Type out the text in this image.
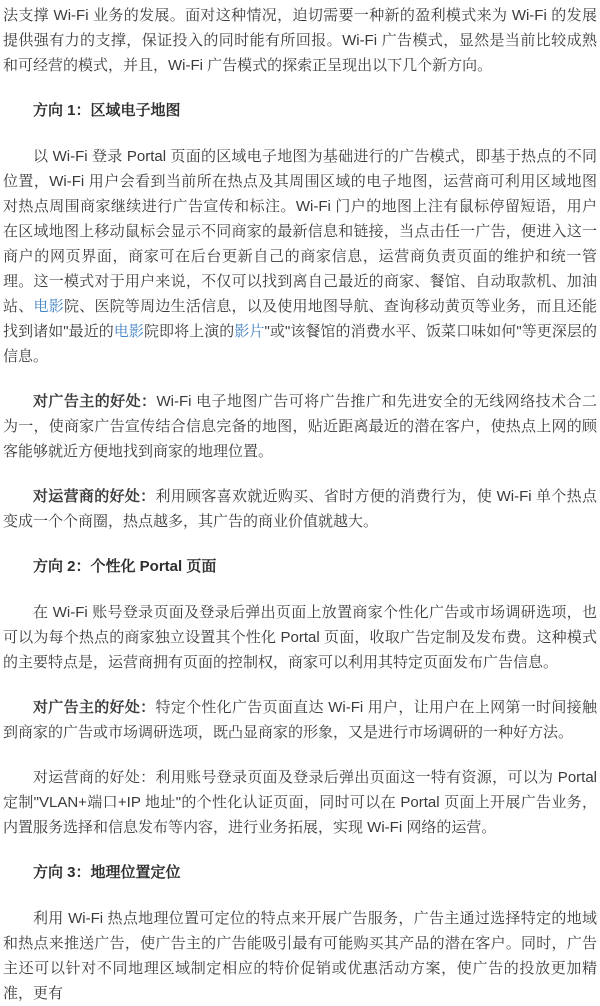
法支撑 Wi-Fi 业务的发展。面对这种情况，迫切需要一种新的盈利模式来为 Wi-Fi 的发展提供强有力的支撑，保证投入的同时能有所回报。Wi-Fi 广告模式，显然是当前比较成熟和可经营的模式，并且，Wi-Fi 广告模式的探索正呈现出以下几个新方向。

方向 1：区域电子地图

以 Wi-Fi 登录 Portal 页面的区域电子地图为基础进行的广告模式，即基于热点的不同位置，Wi-Fi 用户会看到当前所在热点及其周围区域的电子地图，运营商可利用区域地图对热点周围商家继续进行广告宣传和标注。Wi-Fi 门户的地图上注有鼠标停留短语，用户在区域地图上移动鼠标会显示不同商家的最新信息和链接，当点击任一广告，便进入这一商户的网页界面，商家可在后台更新自己的商家信息，运营商负责页面的维护和统一管理。这一模式对于用户来说，不仅可以找到离自己最近的商家、餐馆、自动取款机、加油站、电影院、医院等周边生活信息，以及使用地图导航、查询移动黄页等业务，而且还能找到诸如"最近的电影院即将上演的影片"或"该餐馆的消费水平、饭菜口味如何"等更深层的信息。

对广告主的好处：Wi-Fi 电子地图广告可将广告推广和先进安全的无线网络技术合二为一，使商家广告宣传结合信息完备的地图，贴近距离最近的潜在客户，使热点上网的顾客能够就近方便地找到商家的地理位置。

对运营商的好处：利用顾客喜欢就近购买、省时方便的消费行为，使 Wi-Fi 单个热点变成一个个商圈，热点越多，其广告的商业价值就越大。

方向 2：个性化 Portal 页面

在 Wi-Fi 账号登录页面及登录后弹出页面上放置商家个性化广告或市场调研选项，也可以为每个热点的商家独立设置其个性化 Portal 页面，收取广告定制及发布费。这种模式的主要特点是，运营商拥有页面的控制权，商家可以利用其特定页面发布广告信息。

对广告主的好处：特定个性化广告页面直达 Wi-Fi 用户，让用户在上网第一时间接触到商家的广告或市场调研选项，既凸显商家的形象，又是进行市场调研的一种好方法。

对运营商的好处：利用账号登录页面及登录后弹出页面这一特有资源，可以为 Portal 定制"VLAN+端口+IP 地址"的个性化认证页面，同时可以在 Portal 页面上开展广告业务，内置服务选择和信息发布等内容，进行业务拓展，实现 Wi-Fi 网络的运营。

方向 3：地理位置定位

利用 Wi-Fi 热点地理位置可定位的特点来开展广告服务，广告主通过选择特定的地域和热点来推送广告，使广告主的广告能吸引最有可能购买其产品的潜在客户。同时，广告主还可以针对不同地理区域制定相应的特价促销或优惠活动方案，使广告的投放更加精准，更有
